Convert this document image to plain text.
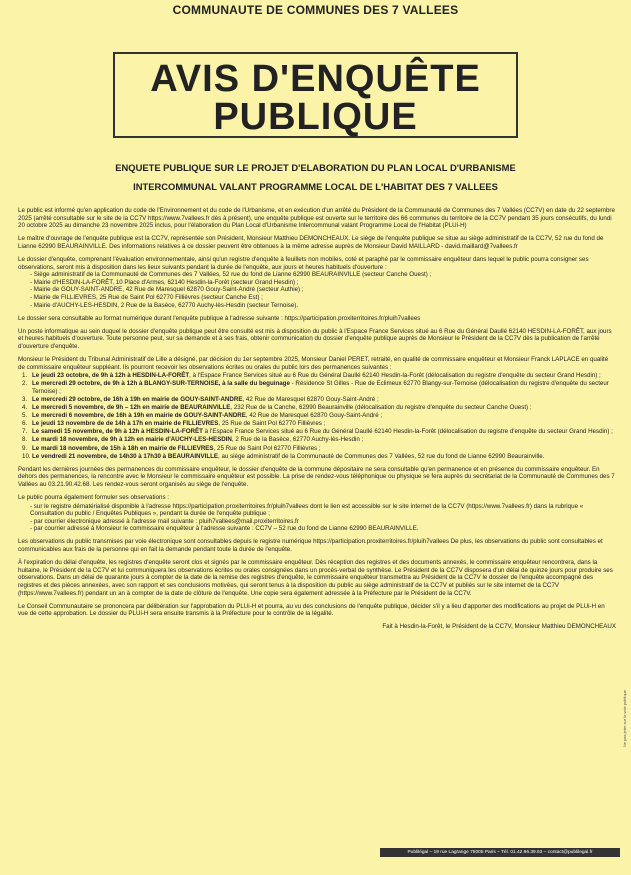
COMMUNAUTE DE COMMUNES DES 7 VALLEES
AVIS D'ENQUÊTE
PUBLIQUE
ENQUETE PUBLIQUE SUR LE PROJET D'ELABORATION DU PLAN LOCAL D'URBANISME
INTERCOMMUNAL VALANT PROGRAMME LOCAL DE L'HABITAT DES 7 VALLEES

Le public est informé qu'en application du code de l'Environnement et du code de l'Urbanisme, et en exécution d'un arrêté du Président de la Communauté de Communes des 7 Vallées (CC7V) en date du 22 septembre 2025 (arrêté consultable sur le site de la CC7V https://www.7vallees.fr dès à présent), une enquête publique est ouverte sur le territoire des 66 communes du territoire de la CC7V pendant 35 jours consécutifs, du lundi 20 octobre 2025 au dimanche 23 novembre 2025 inclus, pour l'élaboration du Plan Local d'Urbanisme Intercommunal valant Programme Local de l'Habitat (PLUi-H)

Le maître d'ouvrage de l'enquête publique est la CC7V, représentée son Président, Monsieur Matthieu DEMONCHEAUX. Le siège de l'enquête publique se situe au siège administratif de la CC7V, 52 rue du fond de Lianne 62990 BEAURAINVILLE. Des informations relatives à ce dossier peuvent être obtenues à la même adresse auprès de Monsieur David MAILLARD - david.maillard@7vallees.fr

Le dossier d'enquête, comprenant l'évaluation environnementale, ainsi qu'un registre d'enquête à feuillets non mobiles, coté et paraphé par le commissaire enquêteur dans lequel le public pourra consigner ses observations, seront mis à disposition dans les lieux suivants pendant la durée de l'enquête, aux jours et heures habituels d'ouverture :

- Siège administratif de la Communauté de Communes des 7 Vallées, 52 rue du fond de Lianne 62990 BEAURAINVILLE (secteur Canche Ouest) ;
- Mairie d'HESDIN-LA-FORÊT, 10 Place d'Armes, 62140 Hesdin-la-Forêt (secteur Grand Hesdin) ;
- Mairie de GOUY-SAINT-ANDRE, 42 Rue de Maresquel 62870 Gouy-Saint-André (secteur Authie) ;
- Mairie de FILLIEVRES, 25 Rue de Saint Pol 62770 Fillièvres (secteur Canche Est) ;
- Mairie d'AUCHY-LES-HESDIN, 2 Rue de la Basèce, 62770 Auchy-lès-Hesdin (secteur Ternoise).

Le dossier sera consultable au format numérique durant l'enquête publique à l'adresse suivante : https://participation.proxiterritoires.fr/pluih7vallees

Un poste informatique au sein duquel le dossier d'enquête publique peut être consulté est mis à disposition du public à l'Espace France Services situé au 6 Rue du Général Daullé 62140 HESDIN-LA-FORÊT, aux jours et heures habituels d'ouverture. Toute personne peut, sur sa demande et à ses frais, obtenir communication du dossier d'enquête publique auprès de Monsieur le Président de la CC7V dès la publication de l'arrêté d'ouverture d'enquête.

Monsieur le Président du Tribunal Administratif de Lille a désigné, par décision du 1er septembre 2025, Monsieur Daniel PERET, retraité, en qualité de commissaire enquêteur et Monsieur Franck LAPLACE en qualité de commissaire enquêteur suppléant. Ils pourront recevoir les observations écrites ou orales du public lors des permanences suivantes :

1. Le jeudi 23 octobre, de 9h à 12h à HESDIN-LA-FORÊT, à l'Espace France Services situé au 6 Rue du Général Daullé 62140 Hesdin-la-Forêt (délocalisation du registre d'enquête du secteur Grand Hesdin) ;
2. Le mercredi 29 octobre, de 9h à 12h à BLANGY-SUR-TERNOISE, à la salle du beguinage - Résidence St Gilles - Rue de Eclimeux 62770 Blangy-sur-Ternoise (délocalisation du registre d'enquête du secteur Ternoise) ;
3. Le mercredi 29 octobre, de 16h à 19h en mairie de GOUY-SAINT-ANDRE, 42 Rue de Maresquel 62870 Gouy-Saint-André ;
4. Le mercredi 5 novembre, de 9h – 12h en mairie de BEAURAINVILLE, 232 Rue de la Canche, 62990 Beaurainville (délocalisation du registre d'enquête du secteur Canche Ouest) ;
5. Le mercredi 6 novembre, de 16h à 19h en mairie de GOUY-SAINT-ANDRE, 42 Rue de Maresquel 62870 Gouy-Saint-André ;
6. Le jeudi 13 novembre de de 14h à 17h en mairie de FILLIEVRES, 25 Rue de Saint Pol 62770 Fillièvres ;
7. Le samedi 15 novembre, de 9h à 12h à HESDIN-LA-FORÊT à l'Espace France Services situé au 6 Rue du Général Daullé 62140 Hesdin-la-Forêt (délocalisation du registre d'enquête du secteur Grand Hesdin) ;
8. Le mardi 18 novembre, de 9h à 12h en mairie d'AUCHY-LES-HESDIN, 2 Rue de la Basèce, 62770 Auchy-lès-Hesdin ;
9. Le mardi 18 novembre, de 15h à 18h en mairie de FILLIEVRES, 25 Rue de Saint Pol 62770 Fillièvres ;
10. Le vendredi 21 novembre, de 14h30 à 17h30 à BEAURAINVILLE, au siège administratif de la Communauté de Communes des 7 Vallées, 52 rue du fond de Lianne 62990 Beaurainville.

Pendant les dernières journées des permanences du commissaire enquêteur, le dossier d'enquête de la commune dépositaire ne sera consultable qu'en permanence et en présence du commissaire enquêteur. En dehors des permanences, la rencontre avec le Monsieur le commissaire enquêteur est possible. La prise de rendez-vous téléphonique ou physique se fera auprès du secrétariat de la Communauté de Communes des 7 Vallées au 03.21.90.42.68. Les rendez-vous seront organisés au siège de l'enquête.

Le public pourra également formuler ses observations :

- sur le registre dématérialisé disponible à l'adresse https://participation.proxiterritoires.fr/pluih7vallees dont le lien est accessible sur le site internet de la CC7V (https://www.7vallees.fr) dans la rubrique « Consultation du public / Enquêtes Publiques », pendant la durée de l'enquête publique ;
- par courrier électronique adressé à l'adresse mail suivante : pluih7vallees@mail.proxiterritoires.fr
- par courrier adressé à Monsieur le commissaire enquêteur à l'adresse suivante : CC7V – 52 rue du fond de Lianne 62990 BEAURAINVILLE.

Les observations du public transmises par voie électronique sont consultables depuis le registre numérique https://participation.proxiterritoires.fr/pluih7vallees De plus, les observations du public sont consultables et communicables aux frais de la personne qui en fait la demande pendant toute la durée de l'enquête.

À l'expiration du délai d'enquête, les registres d'enquête seront clos et signés par le commissaire enquêteur. Dès réception des registres et des documents annexés, le commissaire enquêteur rencontrera, dans la huitaine, le Président de la CC7V et lui communiquera les observations écrites ou orales consignées dans un procès-verbal de synthèse. Le Président de la CC7V disposera d'un délai de quinze jours pour produire ses observations. Dans un délai de quarante jours à compter de la date de la remise des registres d'enquête, le commissaire enquêteur transmettra au Président de la CC7V le dossier de l'enquête accompagné des registres et des pièces annexées, avec son rapport et ses conclusions motivées, qui seront tenus à la disposition du public au siège administratif de la CC7V et publiés sur le site internet de la CC7V (https://www.7vallees.fr) pendant un an à compter de la date de clôture de l'enquête. Une copie sera également adressée à la Préfecture par le Président de la CC7V.

Le Conseil Communautaire se prononcera par délibération sur l'approbation du PLUi-H et pourra, au vu des conclusions de l'enquête publique, décider s'il y a lieu d'apporter des modifications au projet de PLUi-H en vue de cette approbation. Le dossier du PLUi-H sera ensuite transmis à la Préfecture pour le contrôle de la légalité.

Fait à Hesdin-la-Forêt, le Président de la CC7V, Monsieur Matthieu DEMONCHEAUX
Ne pas jeter sur la voie publique
Publilégal – 19 rue Lagrange 75005 Paris – Tél. 01.42.96.39.63 – contact@publilegal.fr
